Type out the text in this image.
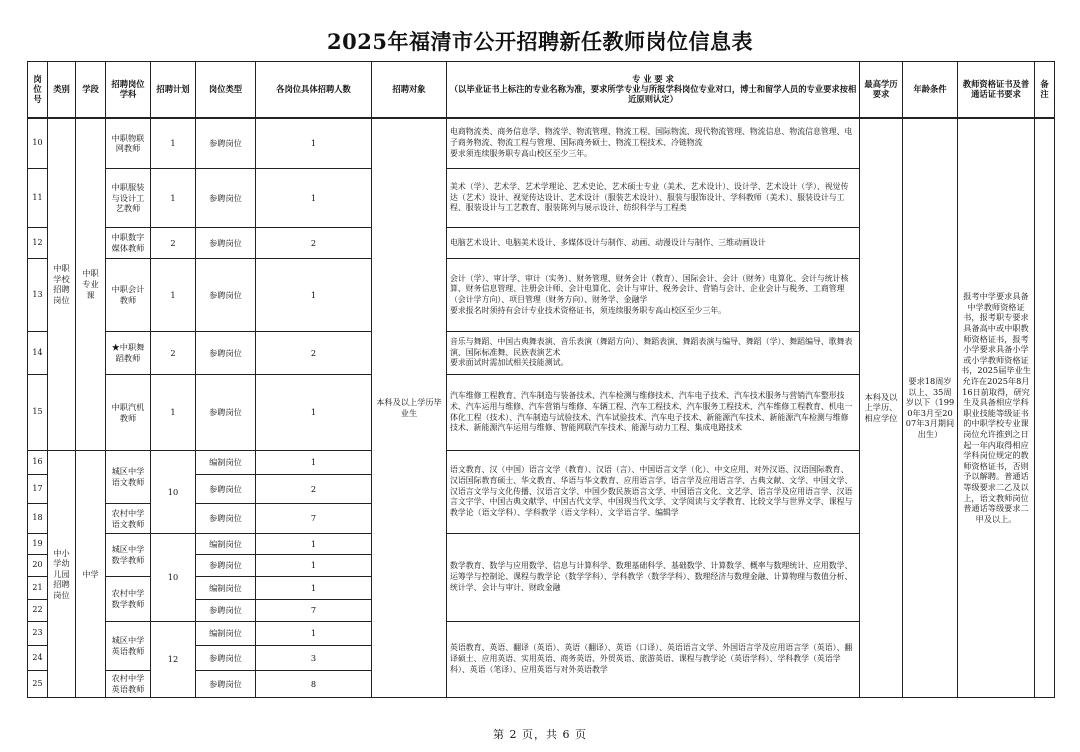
2025年福清市公开招聘新任教师岗位信息表
岗位号	类别	学段	招聘岗位学科	招聘计划	岗位类型	各岗位具体招聘人数	招聘对象	专 业 要 求
（以毕业证书上标注的专业名称为准，要求所学专业与所报学科岗位专业对口，博士和留学人员的专业要求按相近原则认定）	最高学历要求	年龄条件	教师资格证书及普通话证书要求	备注
10	中职学校招聘岗位	中职专业课	中职物联网教师	1	参聘岗位	1	本科及以上学历毕业生	电商物流类、商务信息学、物流学、物流管理、物流工程、国际物流、现代物流管理、物流信息、物流信息管理、电子商务物流、物流工程与管理、国际商务硕士、物流工程技术、冷链物流
要求须连续服务职专高山校区至少三年。	本科及以上学历、相应学位	要求18周岁以上、35周岁以下（1990年3月至2007年3月期间出生）	报考中学要求具备中学教师资格证书，报考职专要求具备高中或中职教师资格证书，报考小学要求具备小学或小学教师资格证书，2025届毕业生允许在2025年8月16日前取得，研究生及具备相应学科职业技能等级证书的中职学校专业课岗位允许推到之日起一年内取得相应学科岗位规定的教师资格证书，否则予以解聘。普通话等级要求二乙及以上，语文教师岗位普通话等级要求二甲及以上。	
11			中职服装与设计工艺教师	1	参聘岗位	1		美术（学）、艺术学、艺术学理论、艺术史论、艺术硕士专业（美术、艺术设计）、设计学、艺术设计（学）、视觉传达（艺术）设计、视觉传达设计、艺术设计（服装艺术设计）、服装与服饰设计、学科教师（美术）、服装设计与工程、服装设计与工艺教育、服装陈列与展示设计、纺织科学与工程类				
12			中职数字媒体教师	2	参聘岗位	2		电脑艺术设计、电脑美术设计、多媒体设计与制作、动画、动漫设计与制作、三维动画设计				
13			中职会计教师	1	参聘岗位	1		会计（学）、审计学、审计（实务）、财务管理、财务会计（教育）、国际会计、会计（财务）电算化、会计与统计核算、财务信息管理、注册会计师、会计电算化、会计与审计、税务会计、营销与会计、企业会计与税务、工商管理（会计学方向）、项目管理（财务方向）、财务学、金融学
要求报名时须持有会计专业技术资格证书，须连续服务职专高山校区至少三年。				
14			★中职舞蹈教师	2	参聘岗位	2		音乐与舞蹈、中国古典舞表演、音乐表演（舞蹈方向）、舞蹈表演、舞蹈表演与编导、舞蹈（学）、舞蹈编导、歌舞表演、国际标准舞、民族表演艺术
要求面试时需加试相关技能测试。				
15			中职汽机教师	1	参聘岗位	1		汽车维修工程教育、汽车制造与装备技术、汽车检测与维修技术、汽车电子技术、汽车技术服务与营销汽车整形技术、汽车运用与维修、汽车营销与维修、车辆工程、汽车工程技术、汽车服务工程技术、汽车维修工程教育、机电一体化工程（技术）、汽车制造与试验技术、汽车试验技术、汽车电子技术、新能源汽车技术、新能源汽车检测与维修技术、新能源汽车运用与维修、智能网联汽车技术、能源与动力工程、集成电路技术				
16	中小学幼儿园招聘岗位	中学	城区中学语文教师	10	编制岗位	1		语文教育、汉（中国）语言文学（教育）、汉语（言）、中国语言文学（化）、中文应用、对外汉语、汉语国际教育、汉语国际教育硕士、华文教育、华语与华文教育、应用语言学、语言学及应用语言学、古典文献、文学、中国文学、汉语言文学与文化传播、汉语言文学、中国少数民族语言文学、中国语言文化、文艺学、语言学及应用语言学、汉语言文字学、中国古典文献学、中国古代文学、中国现当代文学、文学阅读与文学教育、比较文学与世界文学、课程与教学论（语文学科）、学科教学（语文学科）、文学语言学、编辑学				
17					参聘岗位	2						
18			农村中学语文教师		参聘岗位	7						
19			城区中学数学教师	10	编制岗位	1		数学教育、数学与应用数学、信息与计算科学、数理基础科学、基础数学、计算数学、概率与数理统计、应用数学、运筹学与控制论、课程与教学论（数学学科）、学科教学（数学学科）、数理经济与数理金融、计算物理与数值分析、统计学、会计与审计、财政金融				
20					参聘岗位	1						
21			农村中学数学教师		编制岗位	1						
22					参聘岗位	7						
23			城区中学英语教师	12	编制岗位	1		英语教育、英语、翻译（英语）、英语（翻译）、英语（口译）、英语语言文学、外国语言学及应用语言学（英语）、翻译硕士、应用英语、实用英语、商务英语、外贸英语、旅游英语、课程与教学论（英语学科）、学科教学（英语学科）、英语（笔译）、应用英语与对外英语教学				
24					参聘岗位	3						
25			农村中学英语教师		参聘岗位	8						
第 2 页，共 6 页
